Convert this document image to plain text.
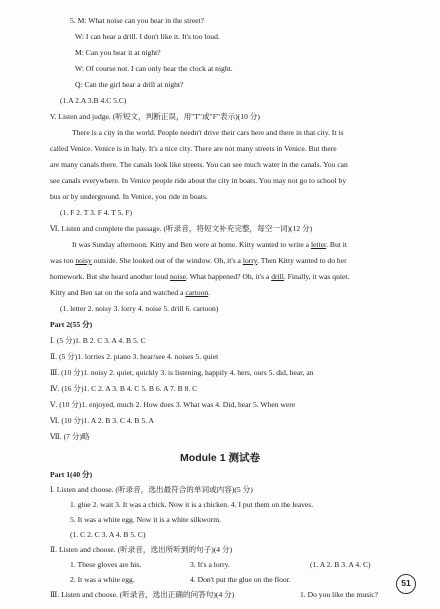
5. M: What noise can you hear in the street?
W: I can hear a drill. I don't like it. It's too loud.
M: Can you hear it at night?
W: Of course not. I can only hear the clock at night.
Q: Can the girl hear a drill at night?
(1.A 2.A 3.B 4.C 5.C)
V. Listen and judge. (听短文，判断正误，用"T"或"F"表示)(10 分)
There is a city in the world. People needn't drive their cars here and there in that city. It is
called Venice. Venice is in Italy. It's a nice city. There are not many streets in Venice. But there
are many canals there. The canals look like streets. You can see much water in the canals. You can
see canals everywhere. In Venice people ride about the city in boats. You may not go to school by
bus or by underground. In Venice, you ride in boats.
(1. F 2. T 3. F 4. T 5. F)
Ⅵ. Listen and complete the passage. (听录音，将短文补充完整，每空一词)(12 分)
It was Sunday afternoon. Kitty and Ben were at home. Kitty wanted to write a letter. But it
was too noisy outside. She looked out of the window. Oh, it's a lorry. Then Kitty wanted to do her
homework. But she heard another loud noise. What happened? Oh, it's a drill. Finally, it was quiet.
Kitty and Ben sat on the sofa and watched a cartoon.
(1. letter 2. noisy 3. lorry 4. noise 5. drill 6. cartoon)
Part 2(55 分)
Ⅰ. (5 分)1. B 2. C 3. A 4. B 5. C
Ⅱ. (5 分)1. lorries 2. piano 3. hear/see 4. noises 5. quiet
Ⅲ. (10 分)1. noisy 2. quiet, quickly 3. is listening, happily 4. hers, ours 5. did, hear, an
Ⅳ. (16 分)1. C 2. A 3. B 4. C 5. B 6. A 7. B 8. C
Ⅴ. (10 分)1. enjoyed, much 2. How does 3. What was 4. Did, hear 5. When were
Ⅵ. (10 分)1. A 2. B 3. C 4. B 5. A
Ⅶ. (7 分)略
Module 1 测试卷
Part 1(40 分)
Ⅰ. Listen and choose. (听录音，选出最符合的单词或内容)(5 分)
1. glue 2. wait 3. It was a chick. Now it is a chicken. 4. I put them on the leaves.
5. It was a white egg. Now it is a white silkworm.
(1. C 2. C 3. A 4. B 5. C)
Ⅱ. Listen and choose. (听录音，选出所听到的句子)(4 分)
1. These gloves are his.
2. It was a white egg.
3. It's a lorry.
4. Don't put the glue on the floor.
(1. A 2. B 3. A 4. C)
Ⅲ. Listen and choose. (听录音，选出正确的问答句)(4 分)	1. Do you like the music?
51
